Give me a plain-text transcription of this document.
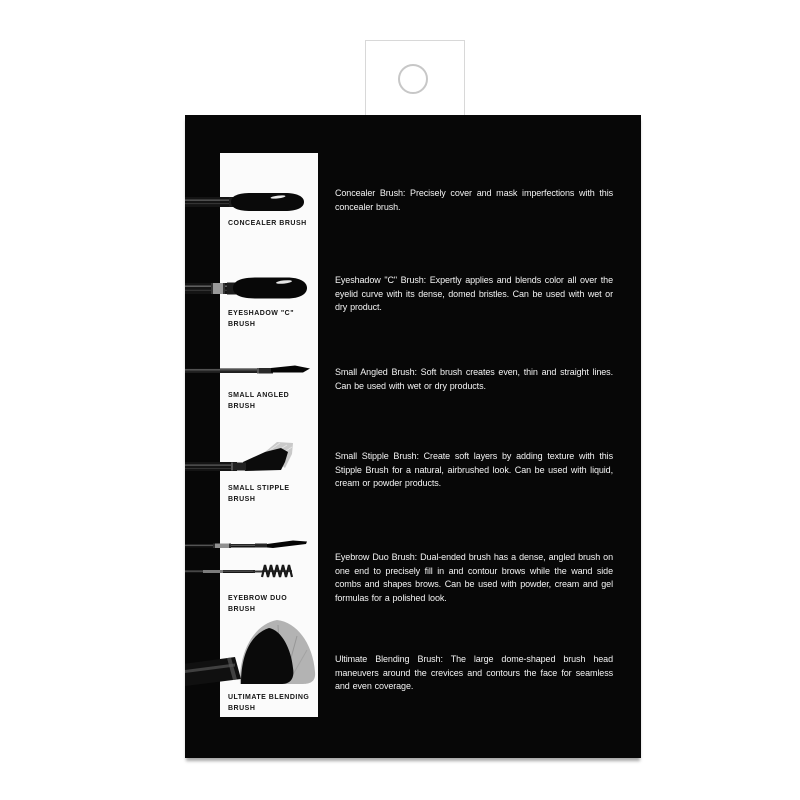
CONCEALER BRUSH
EYESHADOW "C"
BRUSH
SMALL ANGLED
BRUSH
SMALL STIPPLE
BRUSH
EYEBROW DUO
BRUSH
ULTIMATE BLENDING
BRUSH
Concealer Brush: Precisely cover and mask imperfections with this concealer brush.
Eyeshadow "C" Brush: Expertly applies and blends color all over the eyelid curve with its dense, domed bristles. Can be used with wet or dry product.
Small Angled Brush: Soft brush creates even, thin and straight lines. Can be used with wet or dry products.
Small Stipple Brush: Create soft layers by adding texture with this Stipple Brush for a natural, airbrushed look. Can be used with liquid, cream or powder products.
Eyebrow Duo Brush: Dual-ended brush has a dense, angled brush on one end to precisely fill in and contour brows while the wand side combs and shapes brows. Can be used with powder, cream and gel formulas for a polished look.
Ultimate Blending Brush: The large dome-shaped brush head maneuvers around the crevices and contours the face for seamless and even coverage.
